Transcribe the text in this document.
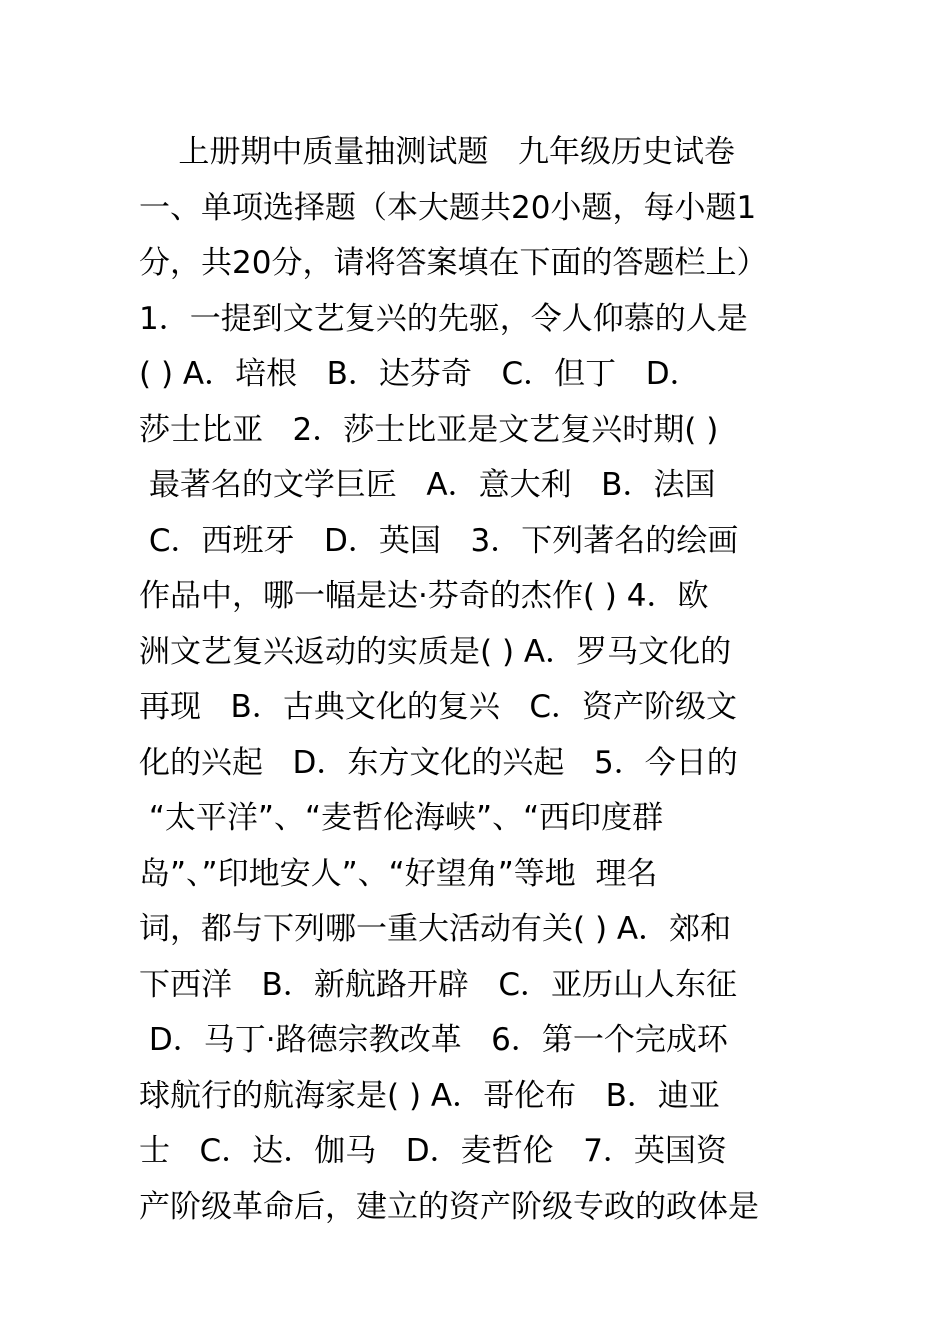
上册期中质量抽测试题   九年级历史试卷
一、单项选择题（本大题共20小题，每小题1
分，共20分，请将答案填在下面的答题栏上）
1．一提到文艺复兴的先驱，令人仰慕的人是
( ) A．培根   B．达芬奇   C．但丁   D．
莎士比亚   2．莎士比亚是文艺复兴时期( )
最著名的文学巨匠   A．意大利   B．法国
C．西班牙   D．英国   3．下列著名的绘画
作品中，哪一幅是达·芬奇的杰作( ) 4．欧
洲文艺复兴返动的实质是( ) A．罗马文化的
再现   B．古典文化的复兴   C．资产阶级文
化的兴起   D．东方文化的兴起   5．今日的
“太平洋”、“麦哲伦海峡”、“西印度群
岛”、”印地安人”、“好望角”等地  理名
词，都与下列哪一重大活动有关( ) A．郊和
下西洋   B．新航路开辟   C．亚历山人东征
D．马丁·路德宗教改革   6．第一个完成环
球航行的航海家是( ) A．哥伦布   B．迪亚
士   C．达．伽马   D．麦哲伦   7．英国资
产阶级革命后，建立的资产阶级专政的政体是
